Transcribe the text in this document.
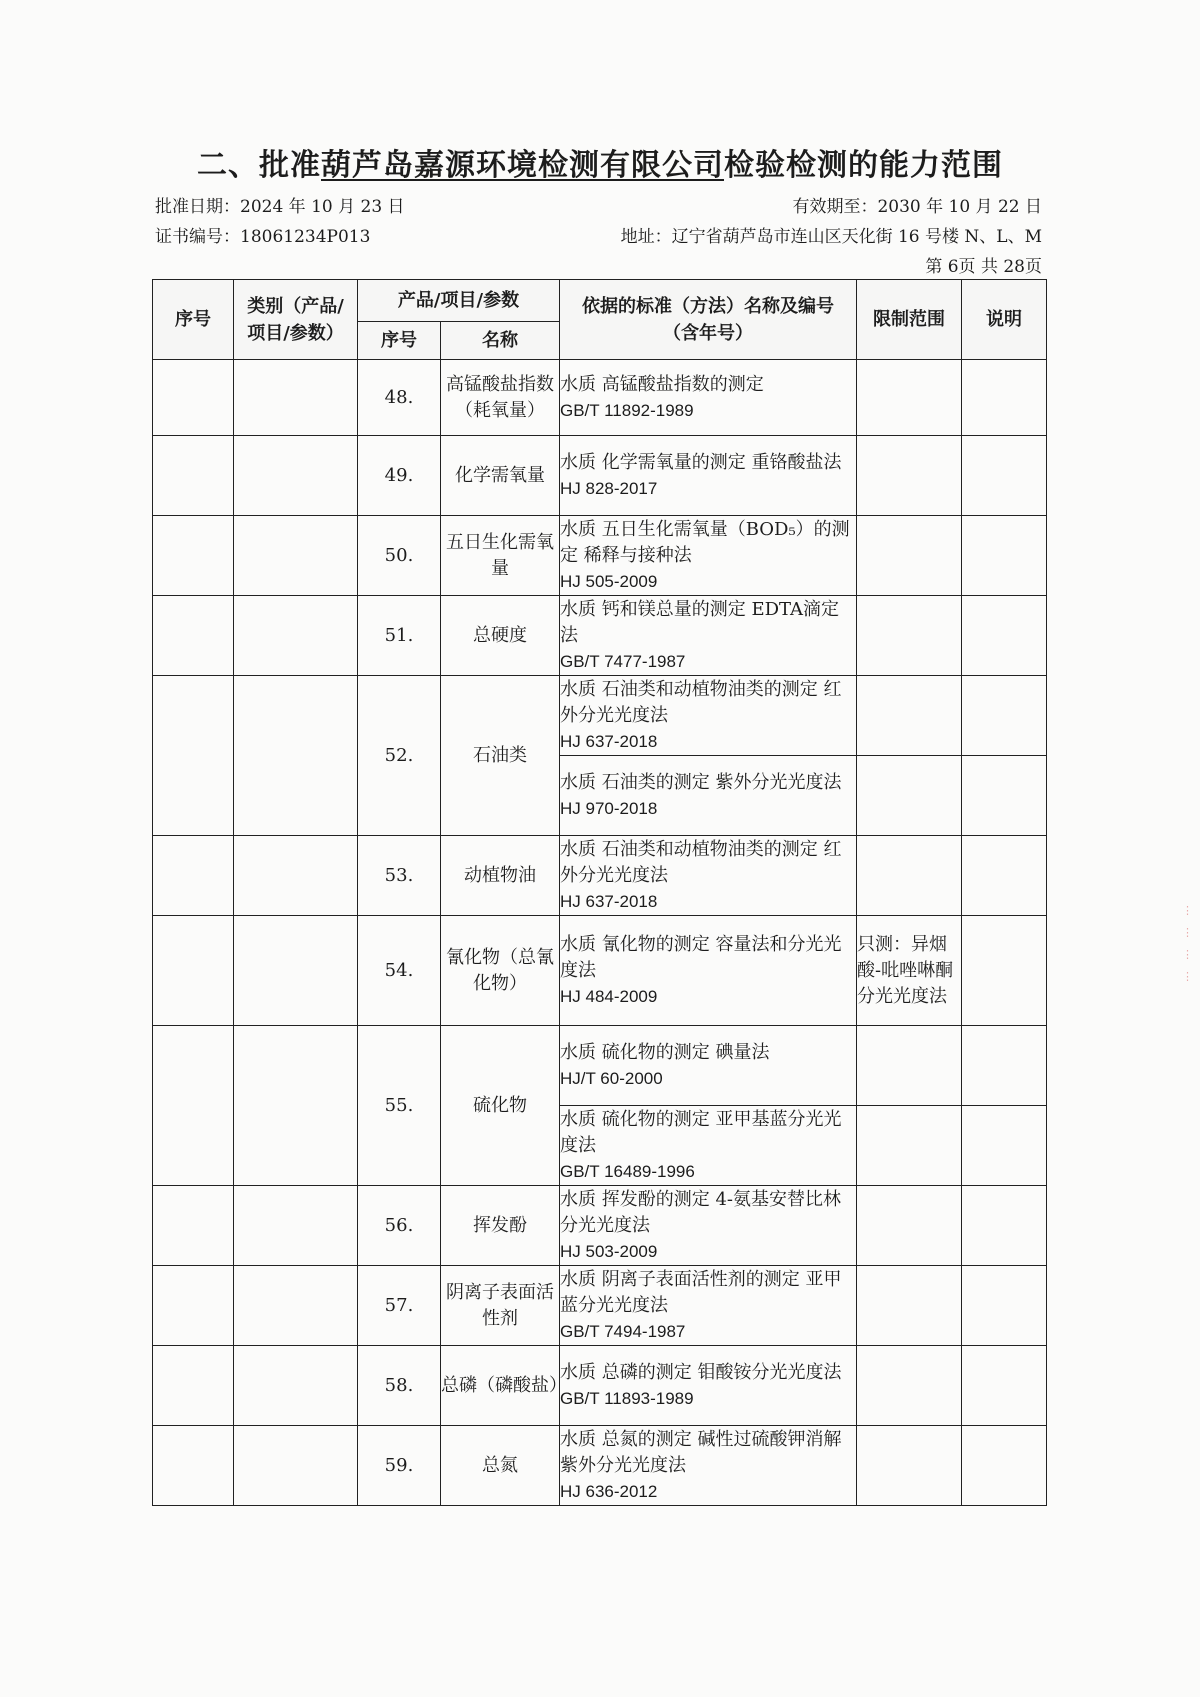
二、批准葫芦岛嘉源环境检测有限公司检验检测的能力范围
批准日期：2024 年 10 月 23 日
证书编号：18061234P013
有效期至：2030 年 10 月 22 日
地址：辽宁省葫芦岛市连山区天化街 16 号楼 N、L、M
第 6页 共 28页
序号	类别（产品/项目/参数）	产品/项目/参数		依据的标准（方法）名称及编号（含年号）	限制范围	说明
		序号	名称			
		48.	高锰酸盐指数（耗氧量）	水质 高锰酸盐指数的测定
GB/T 11892-1989		

		49.	化学需氧量	水质 化学需氧量的测定 重铬酸盐法
HJ 828-2017		

		50.	五日生化需氧量	水质 五日生化需氧量（BOD₅）的测定 稀释与接种法
HJ 505-2009		

		51.	总硬度	水质 钙和镁总量的测定 EDTA滴定法
GB/T 7477-1987		

		52.	石油类	水质 石油类和动植物油类的测定 红外分光光度法
HJ 637-2018		

				水质 石油类的测定 紫外分光光度法
HJ 970-2018		

		53.	动植物油	水质 石油类和动植物油类的测定 红外分光光度法
HJ 637-2018		

		54.	氰化物（总氰化物）	水质 氰化物的测定 容量法和分光光度法
HJ 484-2009	只测：异烟酸-吡唑啉酮分光光度法	
		55.	硫化物	水质 硫化物的测定 碘量法
HJ/T 60-2000		

				水质 硫化物的测定 亚甲基蓝分光光度法
GB/T 16489-1996		

		56.	挥发酚	水质 挥发酚的测定 4-氨基安替比林分光光度法
HJ 503-2009		

		57.	阴离子表面活性剂	水质 阴离子表面活性剂的测定 亚甲蓝分光光度法
GB/T 7494-1987		

		58.	总磷（磷酸盐）	水质 总磷的测定 钼酸铵分光光度法
GB/T 11893-1989		

		59.	总氮	水质 总氮的测定 碱性过硫酸钾消解紫外分光光度法
HJ 636-2012		

⋮
⋮
⋮
⋮
